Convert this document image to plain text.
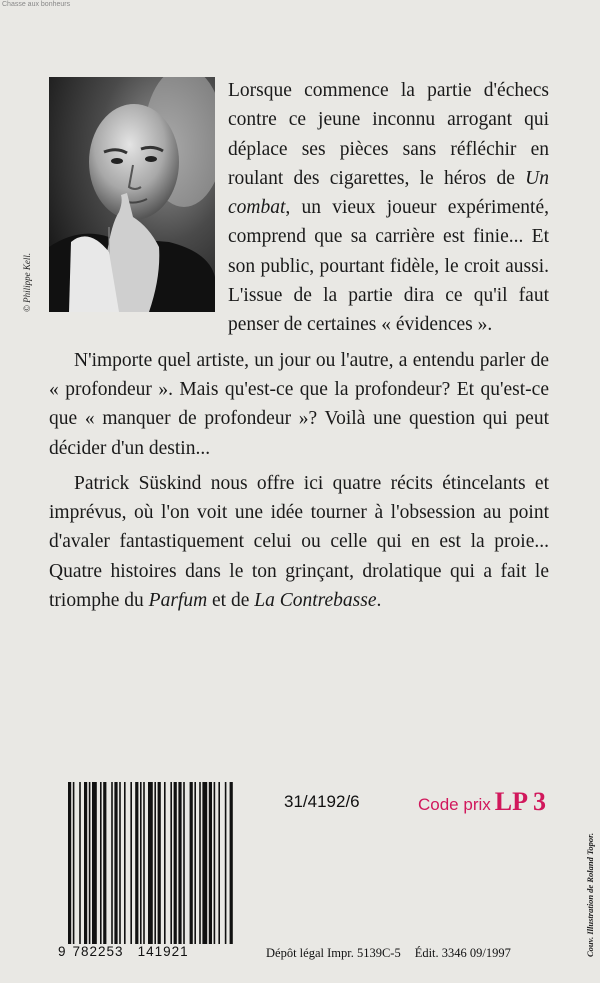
Chasse aux bonheurs
© Philippe Kell.

Lorsque commence la partie d'échecs contre ce jeune inconnu arrogant qui déplace ses pièces sans réfléchir en roulant des cigarettes, le héros de Un combat, un vieux joueur expérimenté, comprend que sa carrière est finie... Et son public, pourtant fidèle, le croit aussi. L'issue de la partie dira ce qu'il faut penser de certaines « évidences ».

N'importe quel artiste, un jour ou l'autre, a entendu parler de « profondeur ». Mais qu'est-ce que la profondeur? Et qu'est-ce que « manquer de profondeur »? Voilà une question qui peut décider d'un destin...

Patrick Süskind nous offre ici quatre récits étincelants et imprévus, où l'on voit une idée tourner à l'obsession au point d'avaler fantastiquement celui ou celle qui en est la proie... Quatre histoires dans le ton grinçant, drolatique qui a fait le triomphe du Parfum et de La Contrebasse.

9 782253 141921
31/4192/6	Code prix LP 3
Dépôt légal Impr. 5139C-5 Édit. 3346 09/1997	Couv. Illustration de Roland Topor.
